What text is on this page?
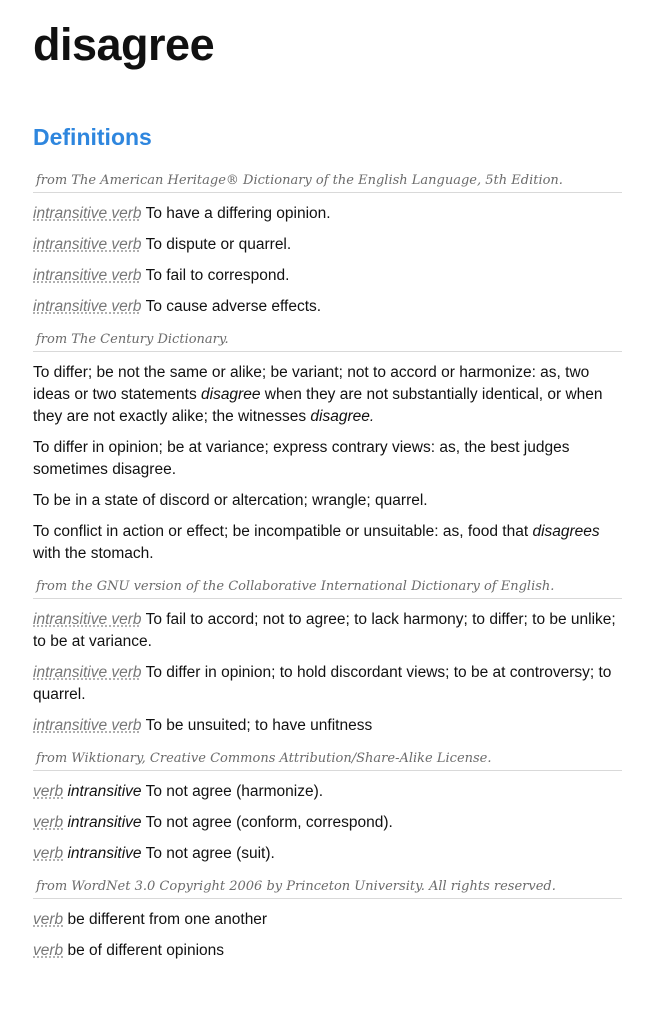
disagree
Definitions
from The American Heritage® Dictionary of the English Language, 5th Edition.
intransitive verb To have a differing opinion.
intransitive verb To dispute or quarrel.
intransitive verb To fail to correspond.
intransitive verb To cause adverse effects.
from The Century Dictionary.
To differ; be not the same or alike; be variant; not to accord or harmonize: as, two ideas or two statements disagree when they are not substantially identical, or when they are not exactly alike; the witnesses disagree.
To differ in opinion; be at variance; express contrary views: as, the best judges sometimes disagree.
To be in a state of discord or altercation; wrangle; quarrel.
To conflict in action or effect; be incompatible or unsuitable: as, food that disagrees with the stomach.
from the GNU version of the Collaborative International Dictionary of English.
intransitive verb To fail to accord; not to agree; to lack harmony; to differ; to be unlike; to be at variance.
intransitive verb To differ in opinion; to hold discordant views; to be at controversy; to quarrel.
intransitive verb To be unsuited; to have unfitness
from Wiktionary, Creative Commons Attribution/Share-Alike License.
verb intransitive To not agree (harmonize).
verb intransitive To not agree (conform, correspond).
verb intransitive To not agree (suit).
from WordNet 3.0 Copyright 2006 by Princeton University. All rights reserved.
verb be different from one another
verb be of different opinions
